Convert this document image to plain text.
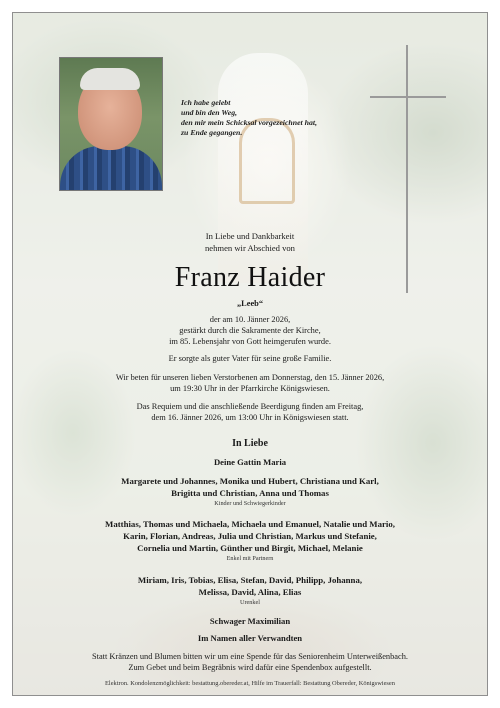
Ich habe gelebt
und bin den Weg,
den mir mein Schicksal vorgezeichnet hat,
zu Ende gegangen.
In Liebe und Dankbarkeit
nehmen wir Abschied von
Franz Haider
„Leeb“
der am 10. Jänner 2026,
gestärkt durch die Sakramente der Kirche,
im 85. Lebensjahr von Gott heimgerufen wurde.
Er sorgte als guter Vater für seine große Familie.
Wir beten für unseren lieben Verstorbenen am Donnerstag, den 15. Jänner 2026,
um 19:30 Uhr in der Pfarrkirche Königswiesen.
Das Requiem und die anschließende Beerdigung finden am Freitag,
dem 16. Jänner 2026, um 13:00 Uhr in Königswiesen statt.
In Liebe
Deine Gattin Maria
Margarete und Johannes, Monika und Hubert, Christiana und Karl,
Brigitta und Christian, Anna und Thomas
Kinder und Schwiegerkinder
Matthias, Thomas und Michaela, Michaela und Emanuel, Natalie und Mario,
Karin, Florian, Andreas, Julia und Christian, Markus und Stefanie,
Cornelia und Martin, Günther und Birgit, Michael, Melanie
Enkel mit Partnern
Miriam, Iris, Tobias, Elisa, Stefan, David, Philipp, Johanna,
Melissa, David, Alina, Elias
Urenkel
Schwager Maximilian
Im Namen aller Verwandten
Statt Kränzen und Blumen bitten wir um eine Spende für das Seniorenheim Unterweißenbach.
Zum Gebet und beim Begräbnis wird dafür eine Spendenbox aufgestellt.
Elektron. Kondolenzmöglichkeit: bestattung.obereder.at, Hilfe im Trauerfall: Bestattung Obereder, Königswiesen
